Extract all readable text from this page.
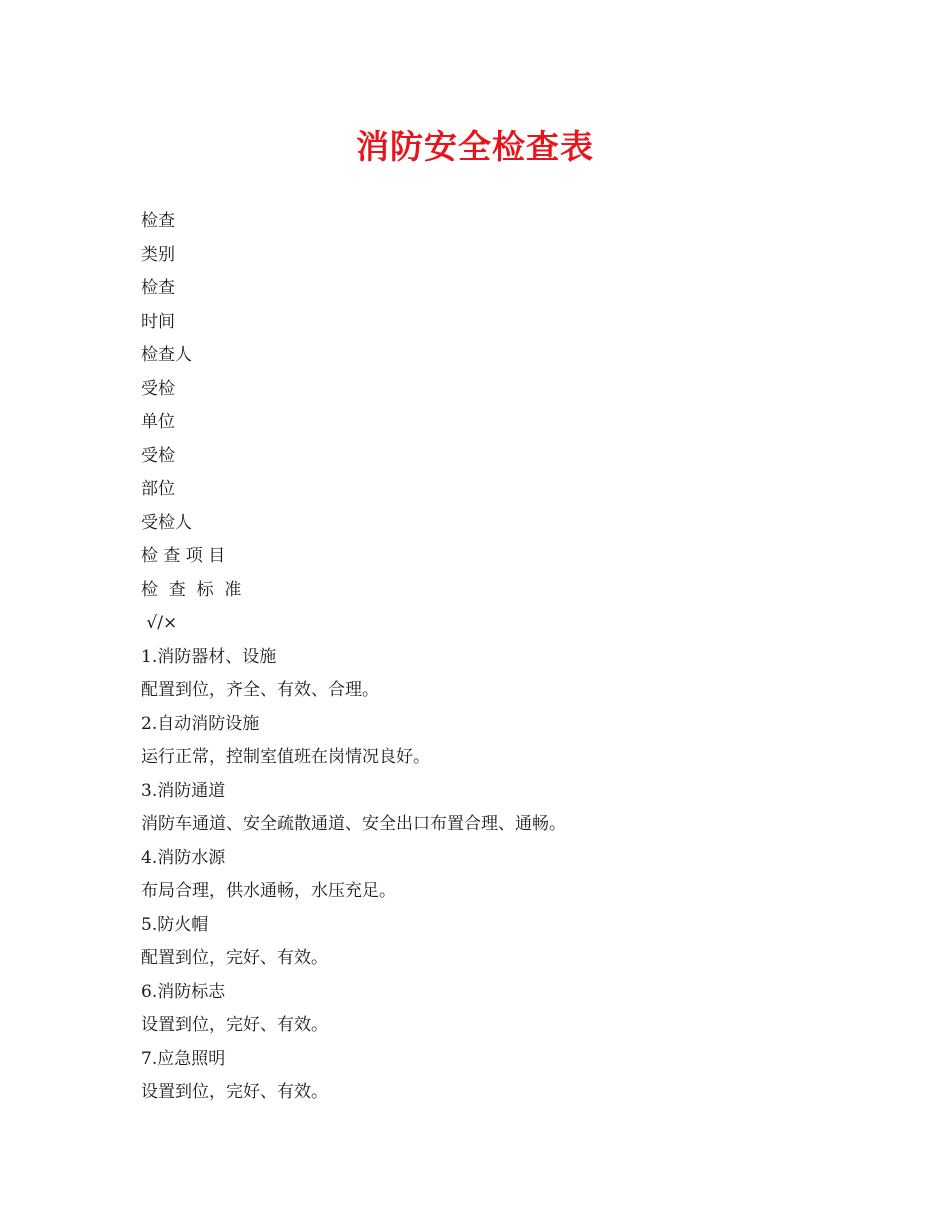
消防安全检查表
检查
类别
检查
时间
检查人
受检
单位
受检
部位
受检人
检 查 项 目
检  查  标  准
√/×
1.消防器材、设施
配置到位，齐全、有效、合理。
2.自动消防设施
运行正常，控制室值班在岗情况良好。
3.消防通道
消防车通道、安全疏散通道、安全出口布置合理、通畅。
4.消防水源
布局合理，供水通畅，水压充足。
5.防火帽
配置到位，完好、有效。
6.消防标志
设置到位，完好、有效。
7.应急照明
设置到位，完好、有效。
